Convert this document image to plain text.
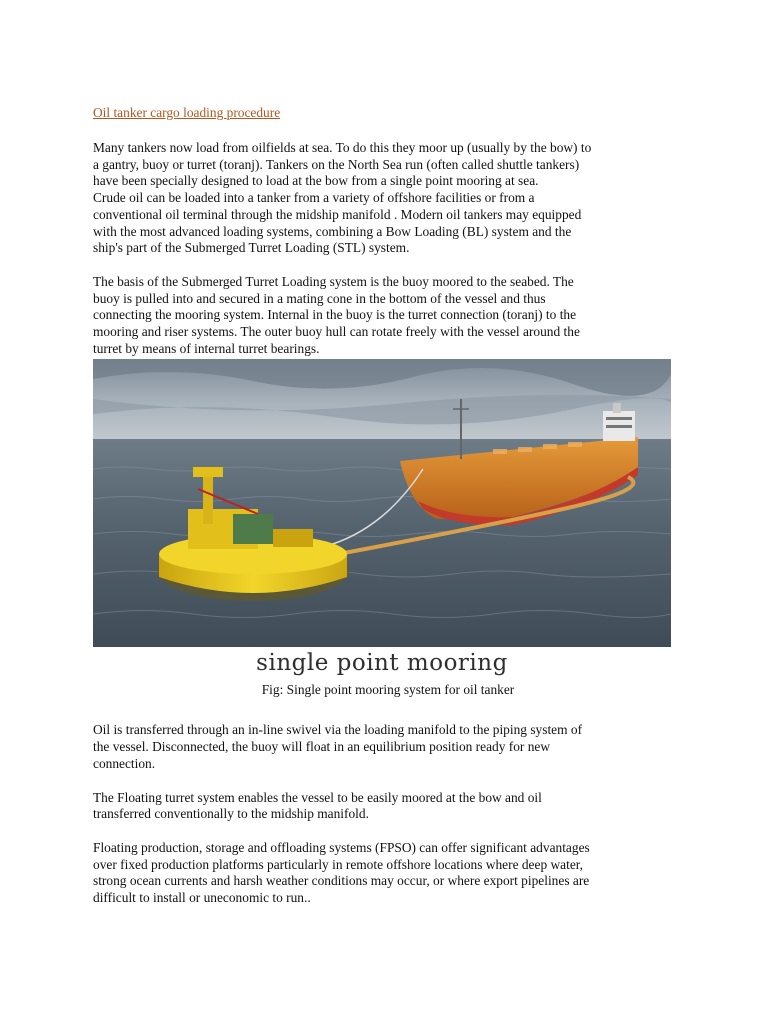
Oil tanker cargo loading procedure
Many tankers now load from oilfields at sea. To do this they moor up (usually by the bow) to
a gantry, buoy or turret (toranj). Tankers on the North Sea run (often called shuttle tankers)
have been specially designed to load at the bow from a single point mooring at sea.
Crude oil can be loaded into a tanker from a variety of offshore facilities or from a
conventional oil terminal through the midship manifold . Modern oil tankers may equipped
with the most advanced loading systems, combining a Bow Loading (BL) system and the
ship's part of the Submerged Turret Loading (STL) system.
The basis of the Submerged Turret Loading system is the buoy moored to the seabed. The
buoy is pulled into and secured in a mating cone in the bottom of the vessel and thus
connecting the mooring system. Internal in the buoy is the turret connection (toranj) to the
mooring and riser systems. The outer buoy hull can rotate freely with the vessel around the
turret by means of internal turret bearings.
single point mooring
Fig: Single point mooring system for oil tanker
Oil is transferred through an in-line swivel via the loading manifold to the piping system of
the vessel. Disconnected, the buoy will float in an equilibrium position ready for new
connection.
The Floating turret system enables the vessel to be easily moored at the bow and oil
transferred conventionally to the midship manifold.
Floating production, storage and offloading systems (FPSO) can offer significant advantages
over fixed production platforms particularly in remote offshore locations where deep water,
strong ocean currents and harsh weather conditions may occur, or where export pipelines are
difficult to install or uneconomic to run..
